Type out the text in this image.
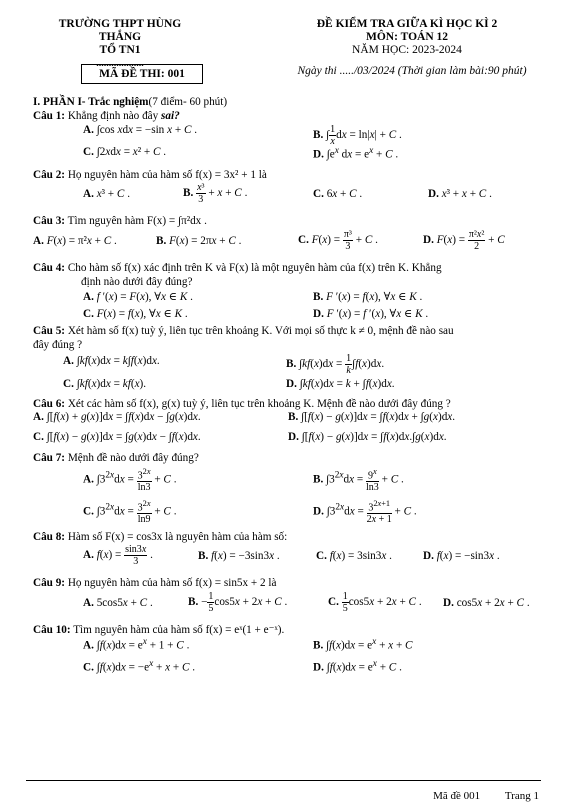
TRƯỜNG THPT HÙNG THẮNG
TỔ TN1
...................
ĐỀ KIỂM TRA GIỮA KÌ HỌC KÌ 2
MÔN: TOÁN 12
NĂM HỌC: 2023-2024
MÃ ĐỀ THI: 001	Ngày thi ...../03/2024 (Thời gian làm bài:90 phút)
I. PHẦN I- Trắc nghiệm(7 điểm- 60 phút)
Câu 1: Khẳng định nào đây sai?
A. ∫cos xdx = −sin x + C .	B. ∫ $\frac{1}{x}$ dx = ln|x| + C .
C. ∫2xdx = x² + C .	D. $\int e^x$ dx = $e^x + C$ .
Câu 2: Họ nguyên hàm của hàm số f(x) = 3x² + 1 là
A. x³ + C .	B. $\frac{\text{x³}}{3} + x + C$ .	C. 6x + C .	D. x³ + x + C .
Câu 3: Tìm nguyên hàm F(x) = ∫π²dx .
A. F(x) = π²x + C .	B. F(x) = 2πx + C .	C. $F(x) = \frac{\text{π³}}{3} + C$ .	D. $F(x) = \frac{\text{π²x²}}{2} + C$
Câu 4: Cho hàm số f(x) xác định trên K và F(x) là một nguyên hàm của f(x) trên K. Khẳng
định nào dưới đây đúng?
A. f ′(x) = F(x), ∀x ∈ K .	B. F ′(x) = f(x), ∀x ∈ K .
C. F(x) = f(x), ∀x ∈ K .	D. F ′(x) = f ′(x), ∀x ∈ K .
Câu 5: Xét hàm số f(x) tuỳ ý, liên tục trên khoảng K. Với mọi số thực k ≠ 0, mệnh đề nào sau
đây đúng ?
A. ∫kf(x)dx = k∫f(x)dx.	B. $\int kf(x)dx = \frac{1}{k} \int f(x)dx$.
C. ∫kf(x)dx = kf(x).	D. ∫kf(x)dx = k + ∫f(x)dx.
Câu 6: Xét các hàm số f(x), g(x) tuỳ ý, liên tục trên khoảng K. Mệnh đề nào dưới đây đúng ?
A. ∫[f(x) + g(x)]dx = ∫f(x)dx − ∫g(x)dx.	B. ∫[f(x) − g(x)]dx = ∫f(x)dx + ∫g(x)dx.
C. ∫[f(x) − g(x)]dx = ∫g(x)dx − ∫f(x)dx.	D. ∫[f(x) − g(x)]dx = ∫f(x)dx.∫g(x)dx.
Câu 7: Mệnh đề nào dưới đây đúng?
A. $\int 3^{2x}dx = \frac{3^{2x}}{\ln 3} + C$ .	B. $\int 3^{2x}dx = \frac{9^x}{\ln 3} + C$ .
C. $\int 3^{2x}dx = \frac{3^{2x}}{\ln 9} + C$ .	D. $\int 3^{2x}dx = \frac{3^{2x+1}}{2x + 1} + C$ .
Câu 8: Hàm số F(x) = cos3x là nguyên hàm của hàm số:
A. $f(x) = \frac{\sin 3x}{3}$ .	B. f(x) = −3sin3x .	C. f(x) = 3sin3x .	D. f(x) = −sin3x .
Câu 9: Họ nguyên hàm của hàm số f(x) = sin5x + 2 là
A. 5cos5x + C .	B. − $\frac{1}{5} \cos 5x + 2x + C$ .	C. $\frac{1}{5} \cos 5x + 2x + C$ . D. cos5x + 2x + C .
Câu 10: Tìm nguyên hàm của hàm số f(x) = eˣ(1 + e⁻ˣ).
A. $\int f(x)dx = e^x + 1 + C$ .	B. $\int f(x)dx = e^x + x + C$
C. $\int f(x)dx = -e^x + x + C$ .	D. $\int f(x)dx = e^x + C$ .
Mã đề 001 Trang 1
